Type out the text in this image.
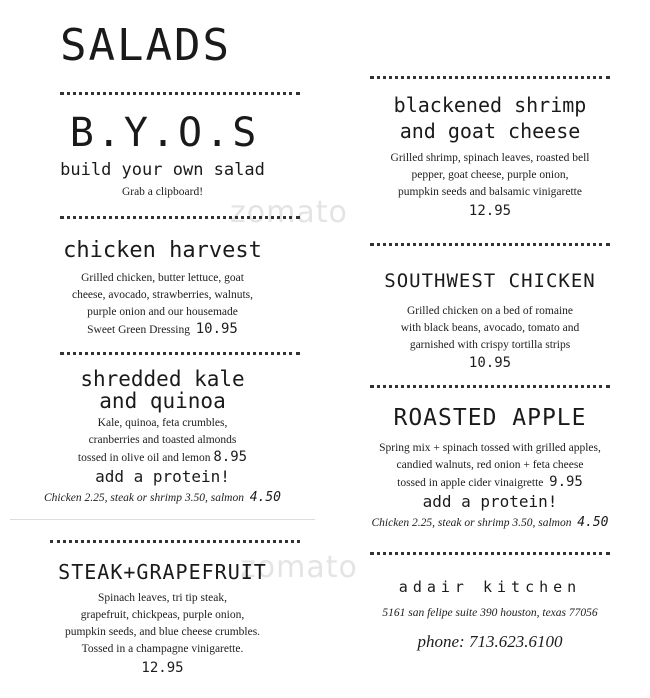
SALADS
zomato
zomato
B.Y.O.S
build your own salad
Grab a clipboard!
chicken harvest
Grilled chicken, butter lettuce, goat
cheese, avocado, strawberries, walnuts,
purple onion and our housemade
Sweet Green Dressing 10.95
shredded kale
and quinoa
Kale, quinoa, feta crumbles,
cranberries and toasted almonds
tossed in olive oil and lemon 8.95
add a protein!
Chicken 2.25, steak or shrimp 3.50, salmon 4.50
STEAK+GRAPEFRUIT
Spinach leaves, tri tip steak,
grapefruit, chickpeas, purple onion,
pumpkin seeds, and blue cheese crumbles.
Tossed in a champagne vinigarette.
12.95
blackened shrimp
and goat cheese
Grilled shrimp, spinach leaves, roasted bell
pepper, goat cheese, purple onion,
pumpkin seeds and balsamic vinigarette
12.95
SOUTHWEST CHICKEN
Grilled chicken on a bed of romaine
with black beans, avocado, tomato and
garnished with crispy tortilla strips
10.95
ROASTED APPLE
Spring mix + spinach tossed with grilled apples,
candied walnuts, red onion + feta cheese
tossed in apple cider vinaigrette 9.95
add a protein!
Chicken 2.25, steak or shrimp 3.50, salmon 4.50
adair kitchen
5161 san felipe suite 390 houston, texas 77056
phone: 713.623.6100
